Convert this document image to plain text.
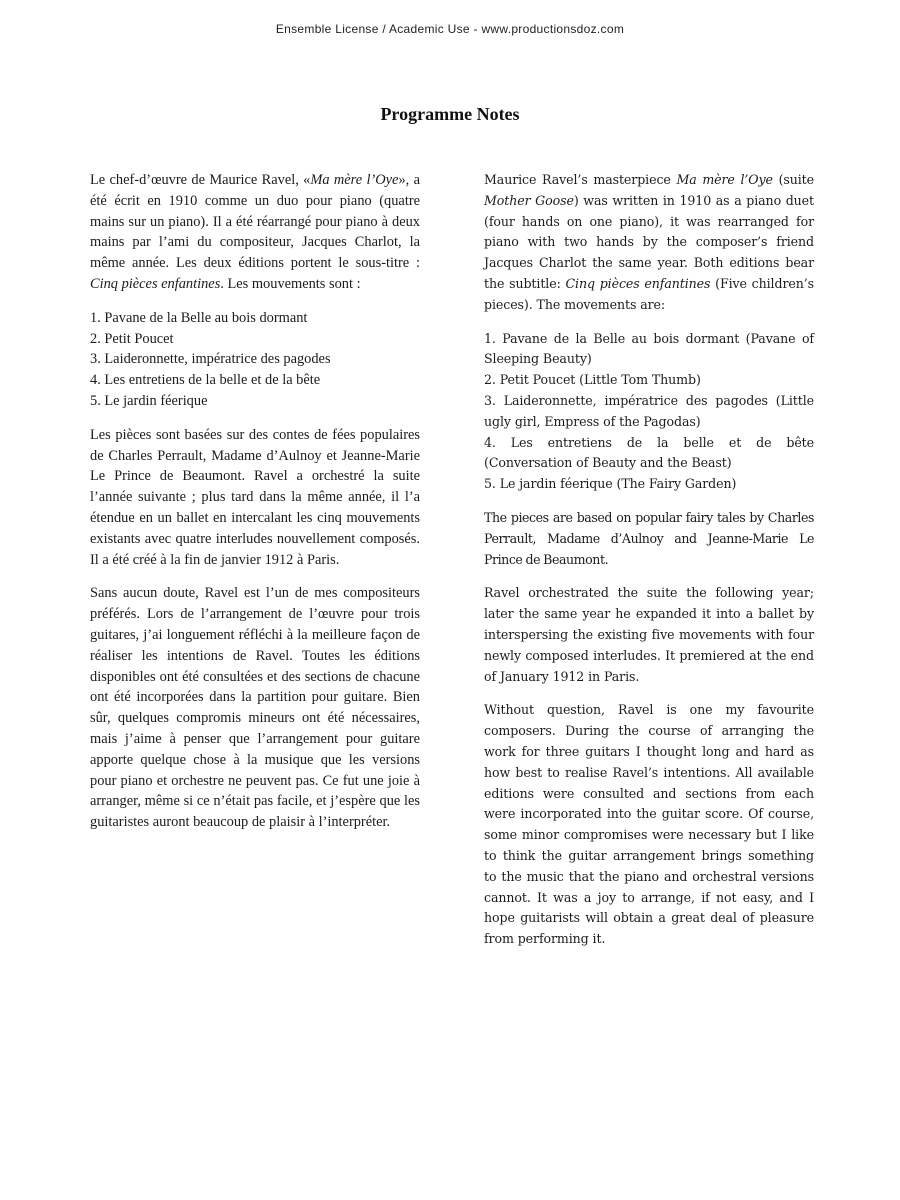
Ensemble License / Academic Use - www.productionsdoz.com
Programme Notes

Le chef-d’œuvre de Maurice Ravel, «Ma mère l’Oye», a été écrit en 1910 comme un duo pour piano (quatre mains sur un piano). Il a été réarrangé pour piano à deux mains par l’ami du compositeur, Jacques Charlot, la même année. Les deux éditions portent le sous-titre : Cinq pièces enfantines. Les mouvements sont :

1. Pavane de la Belle au bois dormant
2. Petit Poucet
3. Laideronnette, impératrice des pagodes
4. Les entretiens de la belle et de la bête
5. Le jardin féerique

Les pièces sont basées sur des contes de fées populaires de Charles Perrault, Madame d’Aulnoy et Jeanne-Marie Le Prince de Beaumont. Ravel a orchestré la suite l’année suivante ; plus tard dans la même année, il l’a étendue en un ballet en intercalant les cinq mouvements existants avec quatre interludes nouvellement composés. Il a été créé à la fin de janvier 1912 à Paris.

Sans aucun doute, Ravel est l’un de mes compositeurs préférés. Lors de l’arrangement de l’œuvre pour trois guitares, j’ai longuement réfléchi à la meilleure façon de réaliser les intentions de Ravel. Toutes les éditions disponibles ont été consultées et des sections de chacune ont été incorporées dans la partition pour guitare. Bien sûr, quelques compromis mineurs ont été nécessaires, mais j’aime à penser que l’arrangement pour guitare apporte quelque chose à la musique que les versions pour piano et orchestre ne peuvent pas. Ce fut une joie à arranger, même si ce n’était pas facile, et j’espère que les guitaristes auront beaucoup de plaisir à l’interpréter.

Maurice Ravel’s masterpiece Ma mère l’Oye (suite Mother Goose) was written in 1910 as a piano duet (four hands on one piano), it was rearranged for piano with two hands by the composer’s friend Jacques Charlot the same year. Both editions bear the subtitle: Cinq pièces enfantines (Five children’s pieces). The movements are:

1. Pavane de la Belle au bois dormant (Pavane of Sleeping Beauty)
2. Petit Poucet (Little Tom Thumb)
3. Laideronnette, impératrice des pagodes (Little ugly girl, Empress of the Pagodas)
4. Les entretiens de la belle et de bête (Conversation of Beauty and the Beast)
5. Le jardin féerique (The Fairy Garden)

The pieces are based on popular fairy tales by Charles Perrault, Madame d’Aulnoy and Jeanne-Marie Le Prince de Beaumont.

Ravel orchestrated the suite the following year; later the same year he expanded it into a ballet by interspersing the existing five movements with four newly composed interludes. It premiered at the end of January 1912 in Paris.

Without question, Ravel is one my favourite composers. During the course of arranging the work for three guitars I thought long and hard as how best to realise Ravel’s intentions. All available editions were consulted and sections from each were incorporated into the guitar score. Of course, some minor compromises were necessary but I like to think the guitar arrangement brings something to the music that the piano and orchestral versions cannot. It was a joy to arrange, if not easy, and I hope guitarists will obtain a great deal of pleasure from performing it.
